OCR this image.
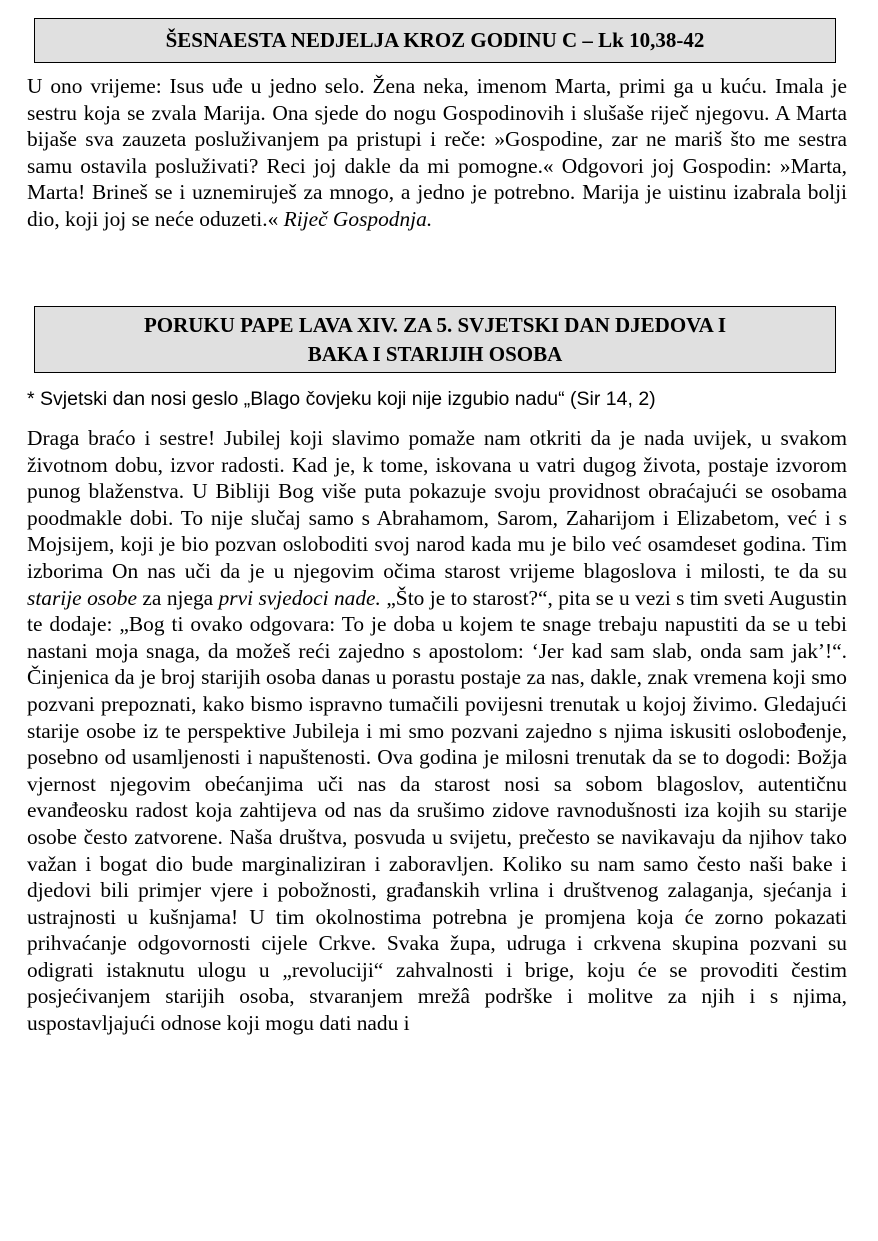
ŠESNAESTA NEDJELJA KROZ GODINU C – Lk 10,38-42

U ono vrijeme: Isus uđe u jedno selo. Žena neka, imenom Marta, primi ga u kuću. Imala je sestru koja se zvala Marija. Ona sjede do nogu Gospodinovih i slušaše riječ njegovu. A Marta bijaše sva zauzeta posluživanjem pa pristupi i reče: »Gospodine, zar ne mariš što me sestra samu ostavila posluživati? Reci joj dakle da mi pomogne.« Odgovori joj Gospodin: »Marta, Marta! Brineš se i uznemiruješ za mnogo, a jedno je potrebno. Marija je uistinu izabrala bolji dio, koji joj se neće oduzeti.« Riječ Gospodnja.

PORUKU PAPE LAVA XIV. ZA 5. SVJETSKI DAN DJEDOVA I
BAKA I STARIJIH OSOBA
* Svjetski dan nosi geslo „Blago čovjeku koji nije izgubio nadu“ (Sir 14, 2)

Draga braćo i sestre! Jubilej koji slavimo pomaže nam otkriti da je nada uvijek, u svakom životnom dobu, izvor radosti. Kad je, k tome, iskovana u vatri dugog života, postaje izvorom punog blaženstva. U Bibliji Bog više puta pokazuje svoju providnost obraćajući se osobama poodmakle dobi. To nije slučaj samo s Abrahamom, Sarom, Zaharijom i Elizabetom, već i s Mojsijem, koji je bio pozvan osloboditi svoj narod kada mu je bilo već osamdeset godina. Tim izborima On nas uči da je u njegovim očima starost vrijeme blagoslova i milosti, te da su starije osobe za njega prvi svjedoci nade. „Što je to starost?“, pita se u vezi s tim sveti Augustin te dodaje: „Bog ti ovako odgovara: To je doba u kojem te snage trebaju napustiti da se u tebi nastani moja snaga, da možeš reći zajedno s apostolom: ‘Jer kad sam slab, onda sam jak’!“. Činjenica da je broj starijih osoba danas u porastu postaje za nas, dakle, znak vremena koji smo pozvani prepoznati, kako bismo ispravno tumačili povijesni trenutak u kojoj živimo. Gledajući starije osobe iz te perspektive Jubileja i mi smo pozvani zajedno s njima iskusiti oslobođenje, posebno od usamljenosti i napuštenosti. Ova godina je milosni trenutak da se to dogodi: Božja vjernost njegovim obećanjima uči nas da starost nosi sa sobom blagoslov, autentičnu evanđeosku radost koja zahtijeva od nas da srušimo zidove ravnodušnosti iza kojih su starije osobe često zatvorene. Naša društva, posvuda u svijetu, prečesto se navikavaju da njihov tako važan i bogat dio bude marginaliziran i zaboravljen. Koliko su nam samo često naši bake i djedovi bili primjer vjere i pobožnosti, građanskih vrlina i društvenog zalaganja, sjećanja i ustrajnosti u kušnjama! U tim okolnostima potrebna je promjena koja će zorno pokazati prihvaćanje odgovornosti cijele Crkve. Svaka župa, udruga i crkvena skupina pozvani su odigrati istaknutu ulogu u „revoluciji“ zahvalnosti i brige, koju će se provoditi čestim posjećivanjem starijih osoba, stvaranjem mrežâ podrške i molitve za njih i s njima, uspostavljajući odnose koji mogu dati nadu i
